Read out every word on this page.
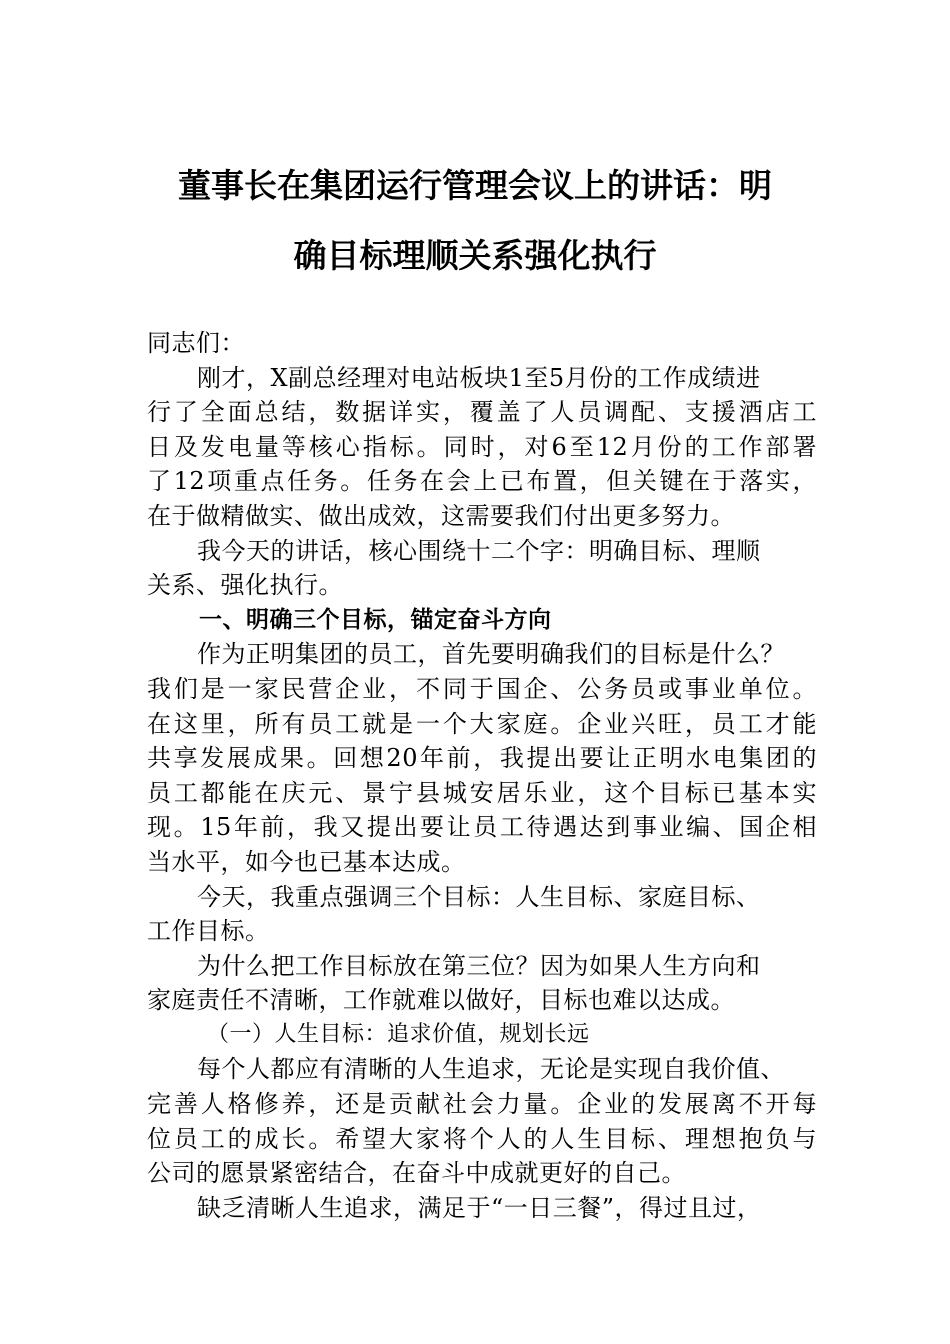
董事长在集团运行管理会议上的讲话：明
确目标理顺关系强化执行
同志们：
刚才，X副总经理对电站板块1至5月份的工作成绩进
行了全面总结，数据详实，覆盖了人员调配、支援酒店工
日及发电量等核心指标。同时，对6至12月份的工作部署
了12项重点任务。任务在会上已布置，但关键在于落实，
在于做精做实、做出成效，这需要我们付出更多努力。
我今天的讲话，核心围绕十二个字：明确目标、理顺
关系、强化执行。
一、明确三个目标，锚定奋斗方向
作为正明集团的员工，首先要明确我们的目标是什么？
我们是一家民营企业，不同于国企、公务员或事业单位。
在这里，所有员工就是一个大家庭。企业兴旺，员工才能
共享发展成果。回想20年前，我提出要让正明水电集团的
员工都能在庆元、景宁县城安居乐业，这个目标已基本实
现。15年前，我又提出要让员工待遇达到事业编、国企相
当水平，如今也已基本达成。
今天，我重点强调三个目标：人生目标、家庭目标、
工作目标。
为什么把工作目标放在第三位？因为如果人生方向和
家庭责任不清晰，工作就难以做好，目标也难以达成。
（一）人生目标：追求价值，规划长远
每个人都应有清晰的人生追求，无论是实现自我价值、
完善人格修养，还是贡献社会力量。企业的发展离不开每
位员工的成长。希望大家将个人的人生目标、理想抱负与
公司的愿景紧密结合，在奋斗中成就更好的自己。
缺乏清晰人生追求，满足于“一日三餐”，得过且过，
